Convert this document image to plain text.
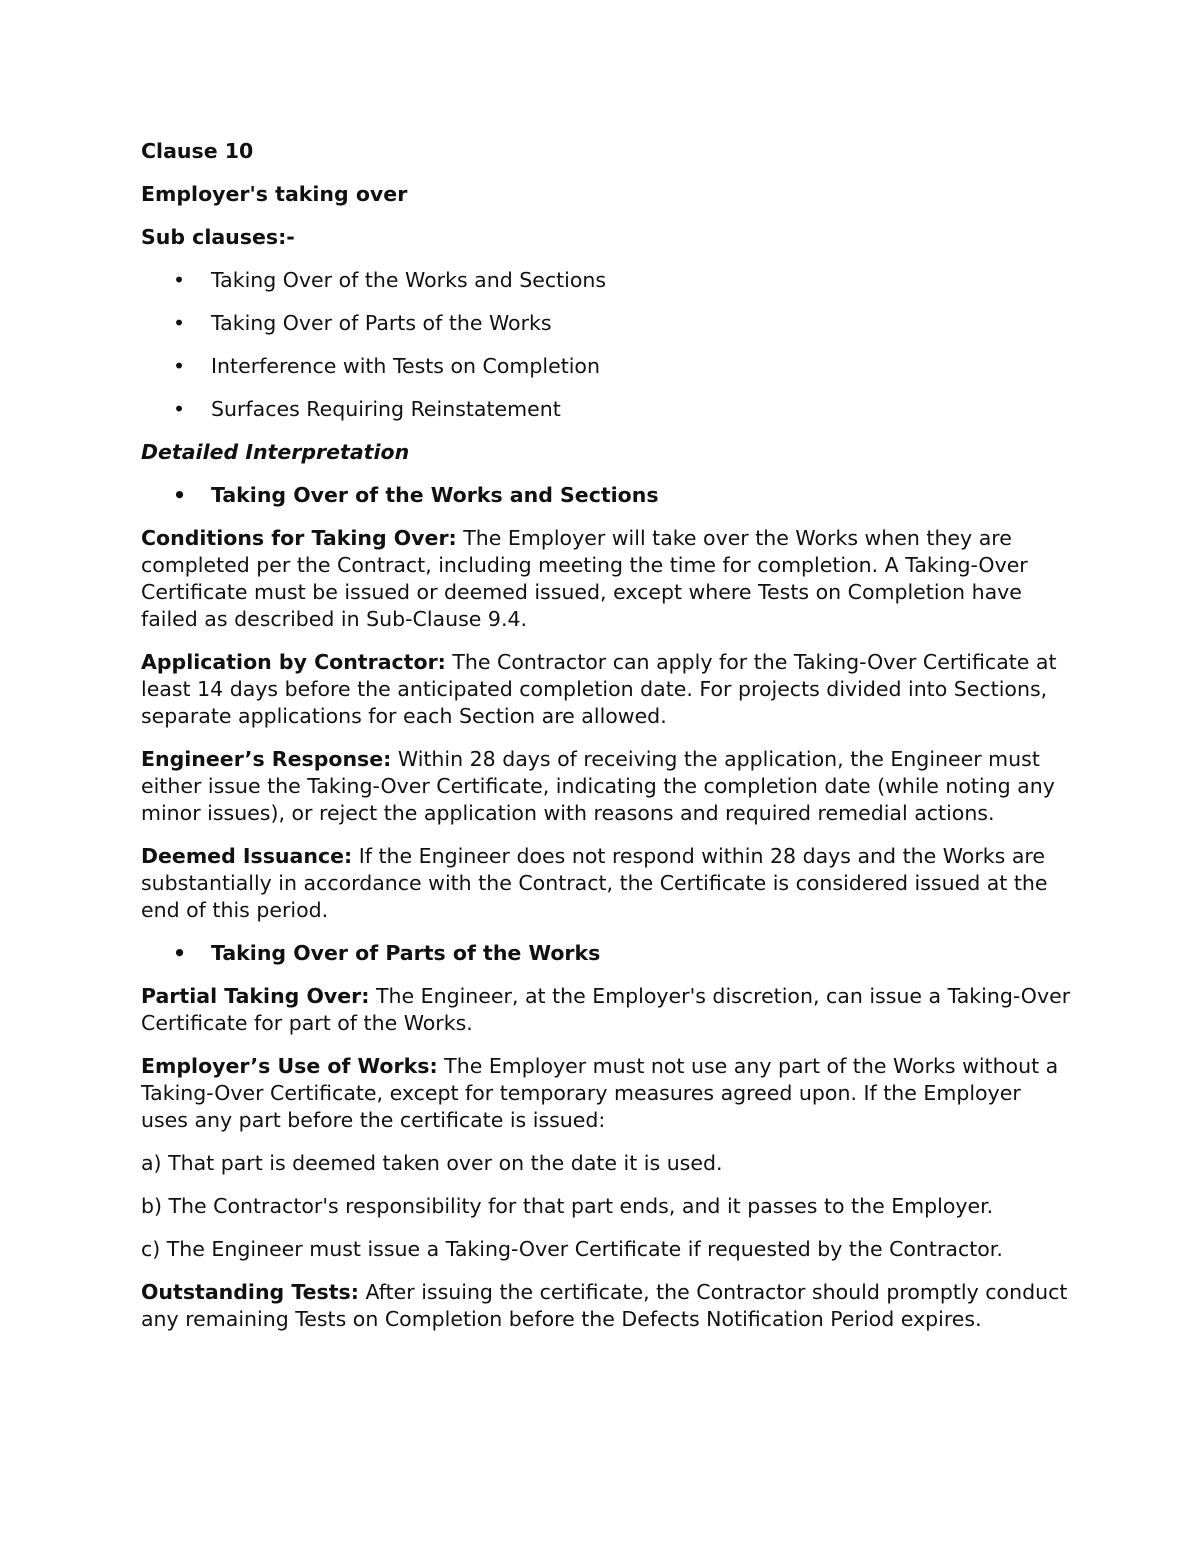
Clause 10

Employer's taking over

Sub clauses:-

• Taking Over of the Works and Sections
• Taking Over of Parts of the Works
• Interference with Tests on Completion
• Surfaces Requiring Reinstatement

Detailed Interpretation

• Taking Over of the Works and Sections

Conditions for Taking Over: The Employer will take over the Works when they are completed per the Contract, including meeting the time for completion. A Taking-Over Certificate must be issued or deemed issued, except where Tests on Completion have failed as described in Sub-Clause 9.4.

Application by Contractor: The Contractor can apply for the Taking-Over Certificate at least 14 days before the anticipated completion date. For projects divided into Sections, separate applications for each Section are allowed.

Engineer’s Response: Within 28 days of receiving the application, the Engineer must either issue the Taking-Over Certificate, indicating the completion date (while noting any minor issues), or reject the application with reasons and required remedial actions.

Deemed Issuance: If the Engineer does not respond within 28 days and the Works are substantially in accordance with the Contract, the Certificate is considered issued at the end of this period.

• Taking Over of Parts of the Works

Partial Taking Over: The Engineer, at the Employer's discretion, can issue a Taking-Over Certificate for part of the Works.

Employer’s Use of Works: The Employer must not use any part of the Works without a Taking-Over Certificate, except for temporary measures agreed upon. If the Employer uses any part before the certificate is issued:

a) That part is deemed taken over on the date it is used.

b) The Contractor's responsibility for that part ends, and it passes to the Employer.

c) The Engineer must issue a Taking-Over Certificate if requested by the Contractor.

Outstanding Tests: After issuing the certificate, the Contractor should promptly conduct any remaining Tests on Completion before the Defects Notification Period expires.
